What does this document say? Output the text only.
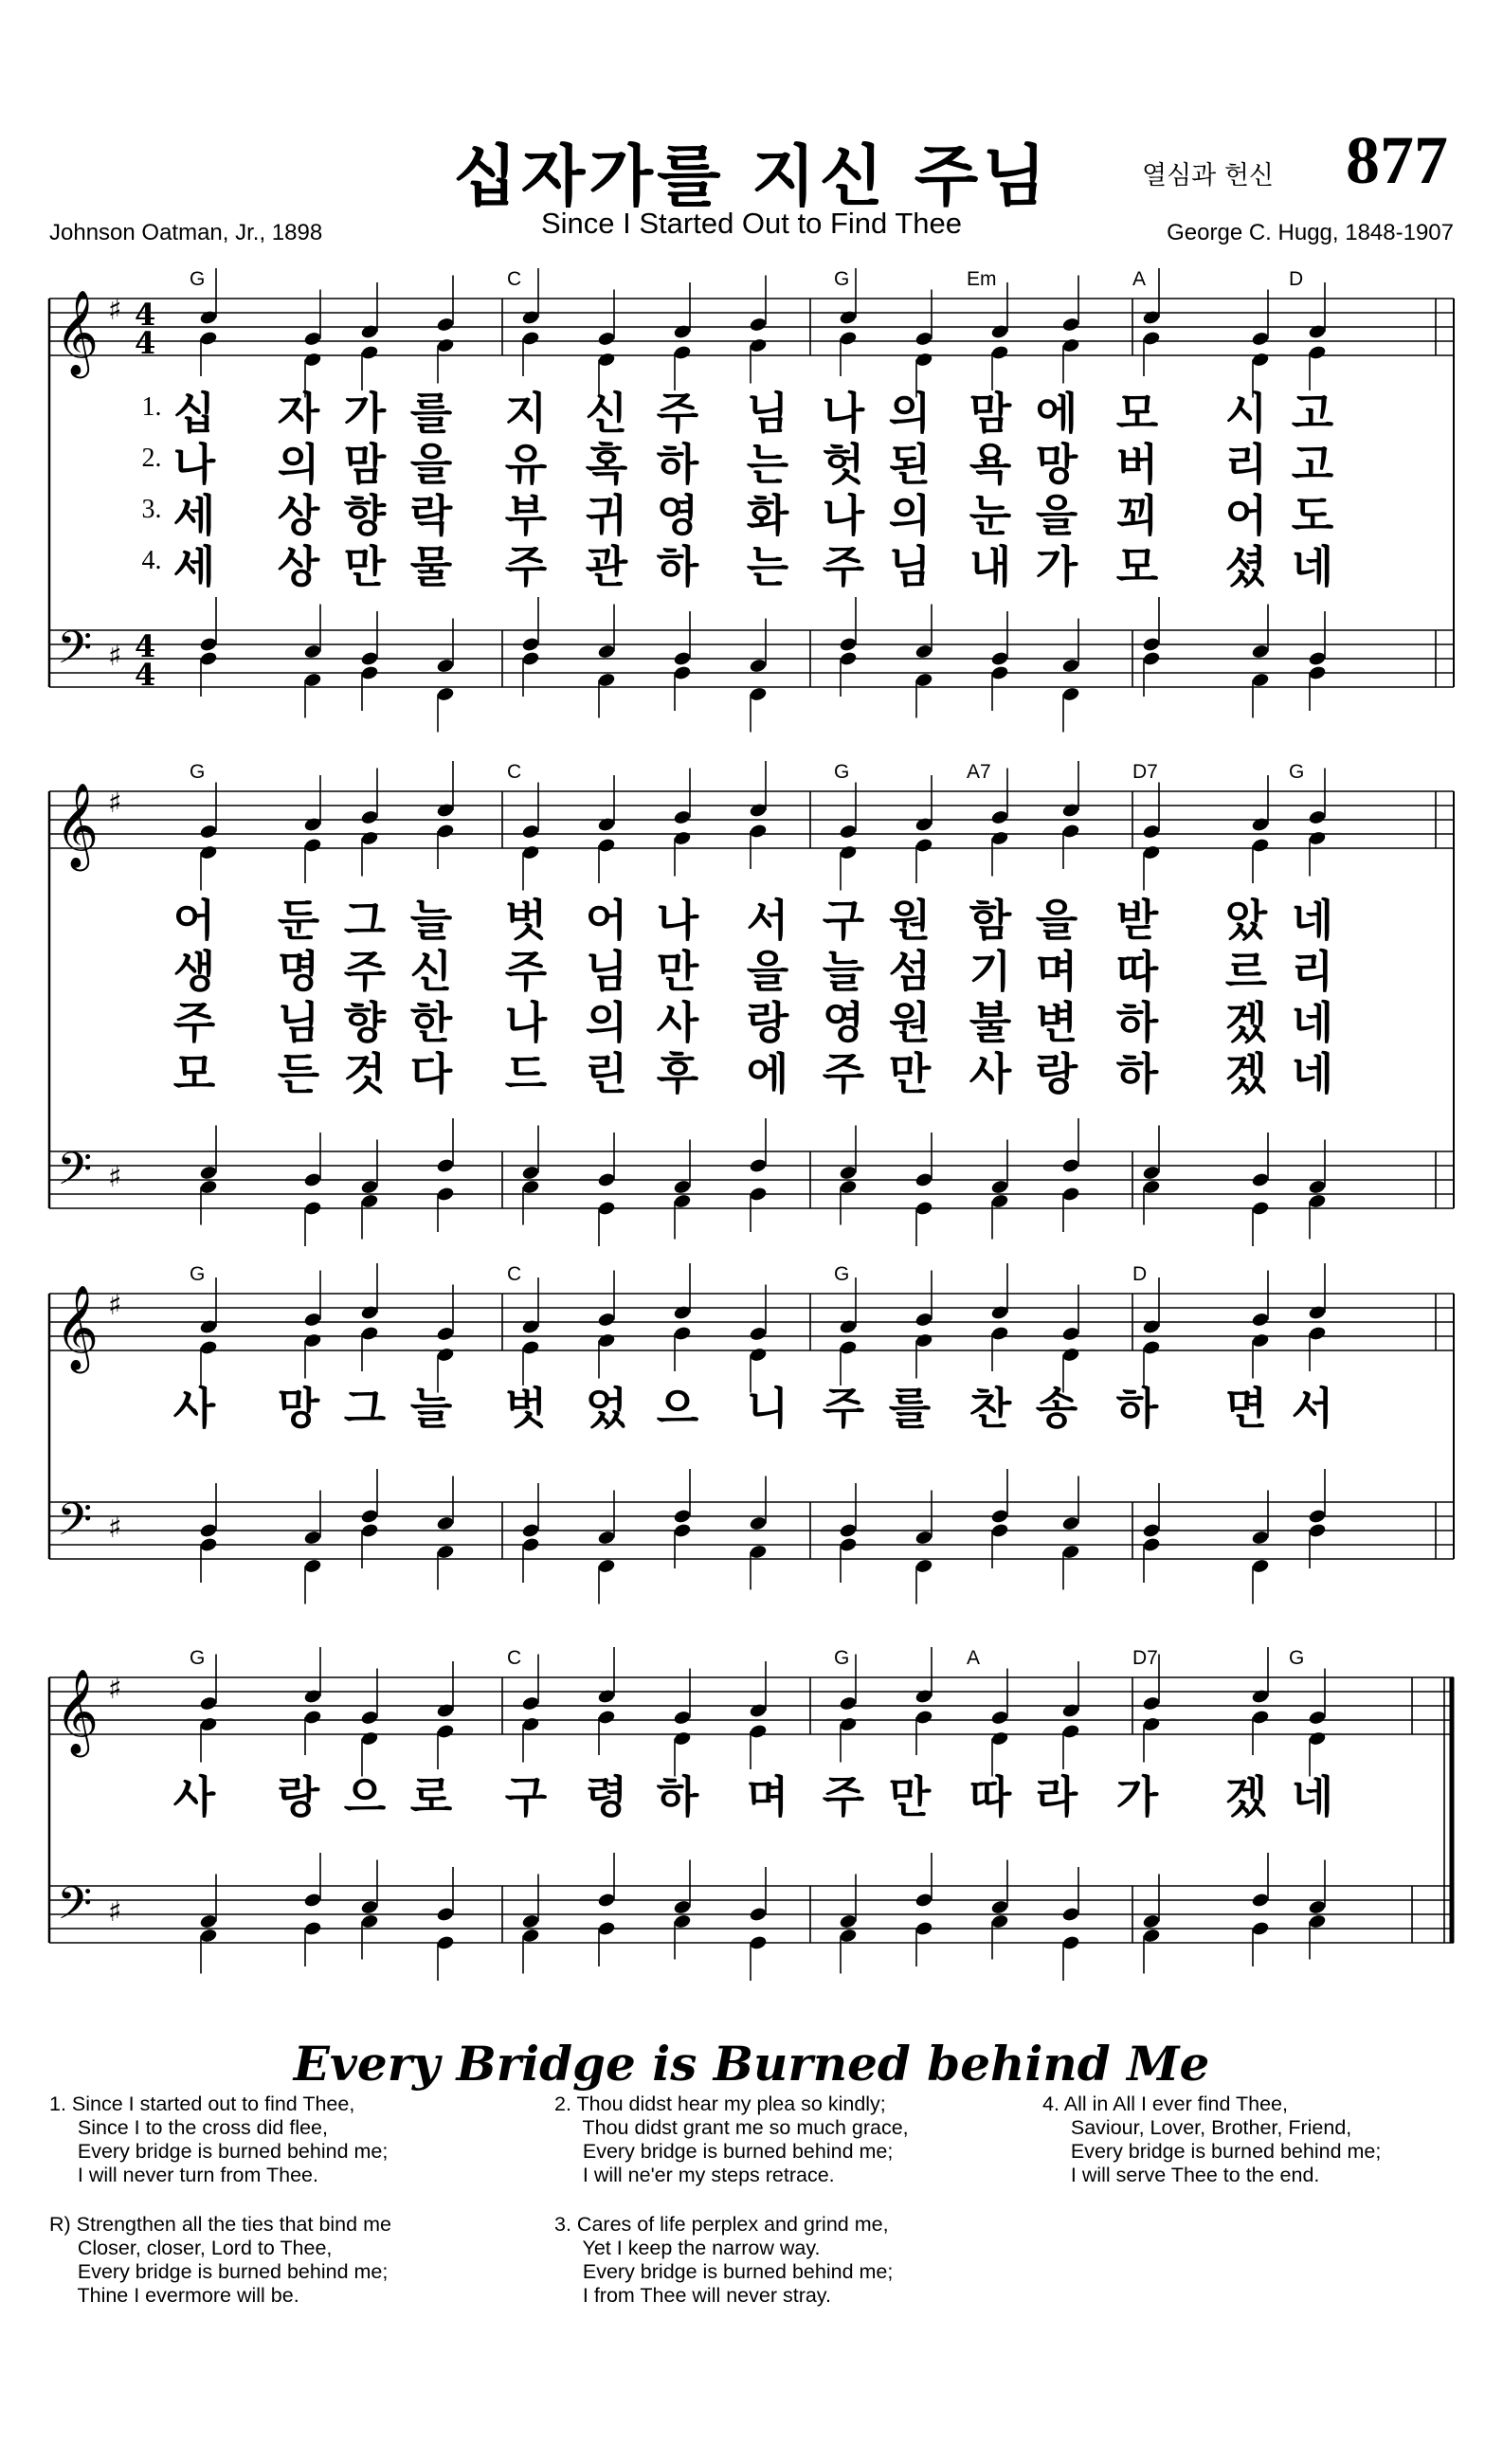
십자가를 지신 주님
Since I Started Out to Find Thee
열심과 헌신 877
Johnson Oatman, Jr., 1898	George C. Hugg, 1848-1907
𝄞
𝄢
♯
♯
4
4
4
4
𝄞
𝄢
♯
♯
𝄞
𝄢
♯
♯
𝄞
𝄢
♯
♯
G	C	G	Em	A	D
1. 십 자 가 를 지 신 주 님 나 의 맘 에 모 시 고
2. 나 의 맘 을 유 혹 하 는 헛 된 욕 망 버 리 고
3. 세 상 향 락 부 귀 영 화 나 의 눈 을 꾀 어 도
4. 세 상 만 물 주 관 하 는 주 님 내 가 모 셨 네
G	C	G	A7	D7	G
어 둔 그 늘 벗 어 나 서 구 원 함 을 받 았 네
생 명 주 신 주 님 만 을 늘 섬 기 며 따 르 리
주 님 향 한 나 의 사 랑 영 원 불 변 하 겠 네
모 든 것 다 드 린 후 에 주 만 사 랑 하 겠 네
G	C	G	D
사 망 그 늘 벗 었 으 니 주 를 찬 송 하 면 서
G	C	G	A	D7	G
사 랑 으 로 구 령 하 며 주 만 따 라 가 겠 네
Every Bridge is Burned behind Me
1. Since I started out to find Thee,
Since I to the cross did flee,
Every bridge is burned behind me;
I will never turn from Thee.
R) Strengthen all the ties that bind me
Closer, closer, Lord to Thee,
Every bridge is burned behind me;
Thine I evermore will be.
2. Thou didst hear my plea so kindly;
Thou didst grant me so much grace,
Every bridge is burned behind me;
I will ne'er my steps retrace.
3. Cares of life perplex and grind me,
Yet I keep the narrow way.
Every bridge is burned behind me;
I from Thee will never stray.
4. All in All I ever find Thee,
Saviour, Lover, Brother, Friend,
Every bridge is burned behind me;
I will serve Thee to the end.
